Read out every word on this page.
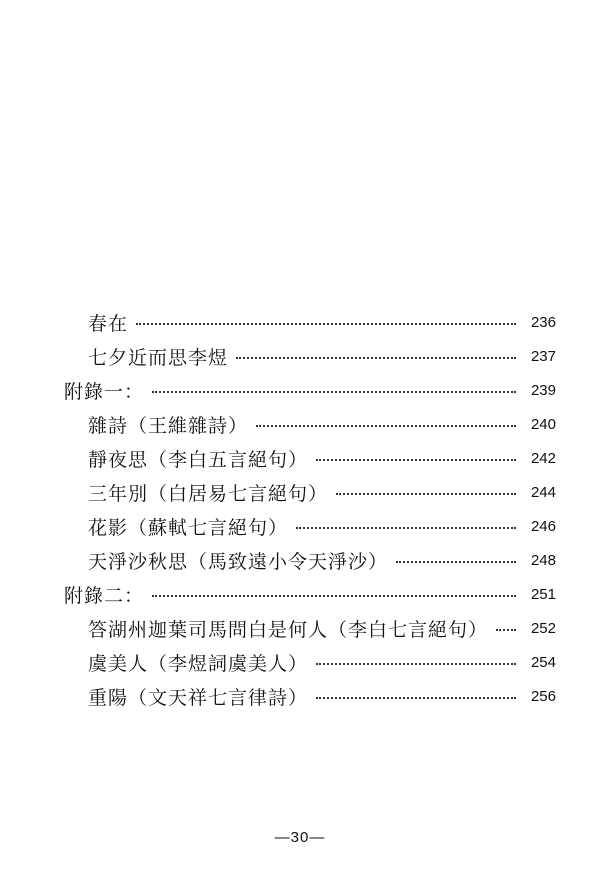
春在	236
七夕近而思李煜	237
附錄一：	239
雜詩（王維雜詩）	240
靜夜思（李白五言絕句）	242
三年別（白居易七言絕句）	244
花影（蘇軾七言絕句）	246
天淨沙秋思（馬致遠小令天淨沙）	248
附錄二：	251
答湖州迦葉司馬問白是何人（李白七言絕句）	252
虞美人（李煜詞虞美人）	254
重陽（文天祥七言律詩）	256
—30—
